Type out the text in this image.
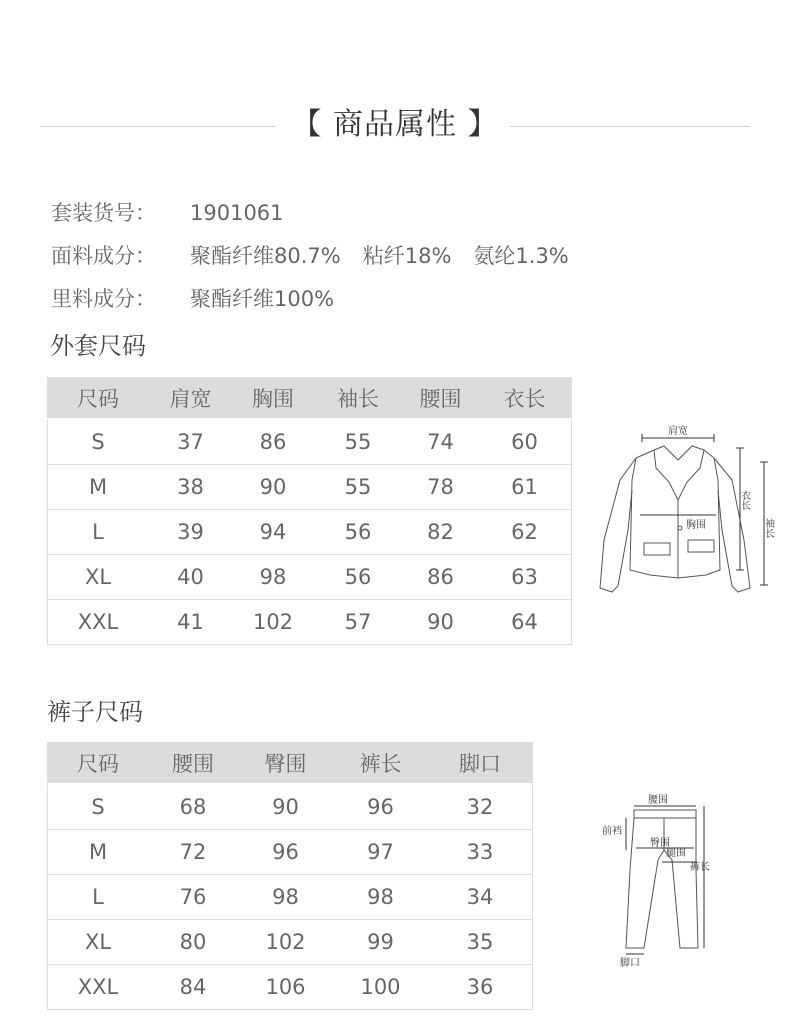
【 商品属性 】
套装货号： 1901061
面料成分： 聚酯纤维80.7% 粘纤18% 氨纶1.3%
里料成分： 聚酯纤维100%
外套尺码
尺码	肩宽	胸围	袖长	腰围	衣长
S	37	86	55	74	60
M	38	90	55	78	61
L	39	94	56	82	62
XL	40	98	56	86	63
XXL	41	102	57	90	64
肩宽
胸围
衣长
袖长
裤子尺码
尺码	腰围	臀围	裤长	脚口
S	68	90	96	32
M	72	96	97	33
L	76	98	98	34
XL	80	102	99	35
XXL	84	106	100	36
腰围
前裆
臀围
腿围
裤长
脚口
